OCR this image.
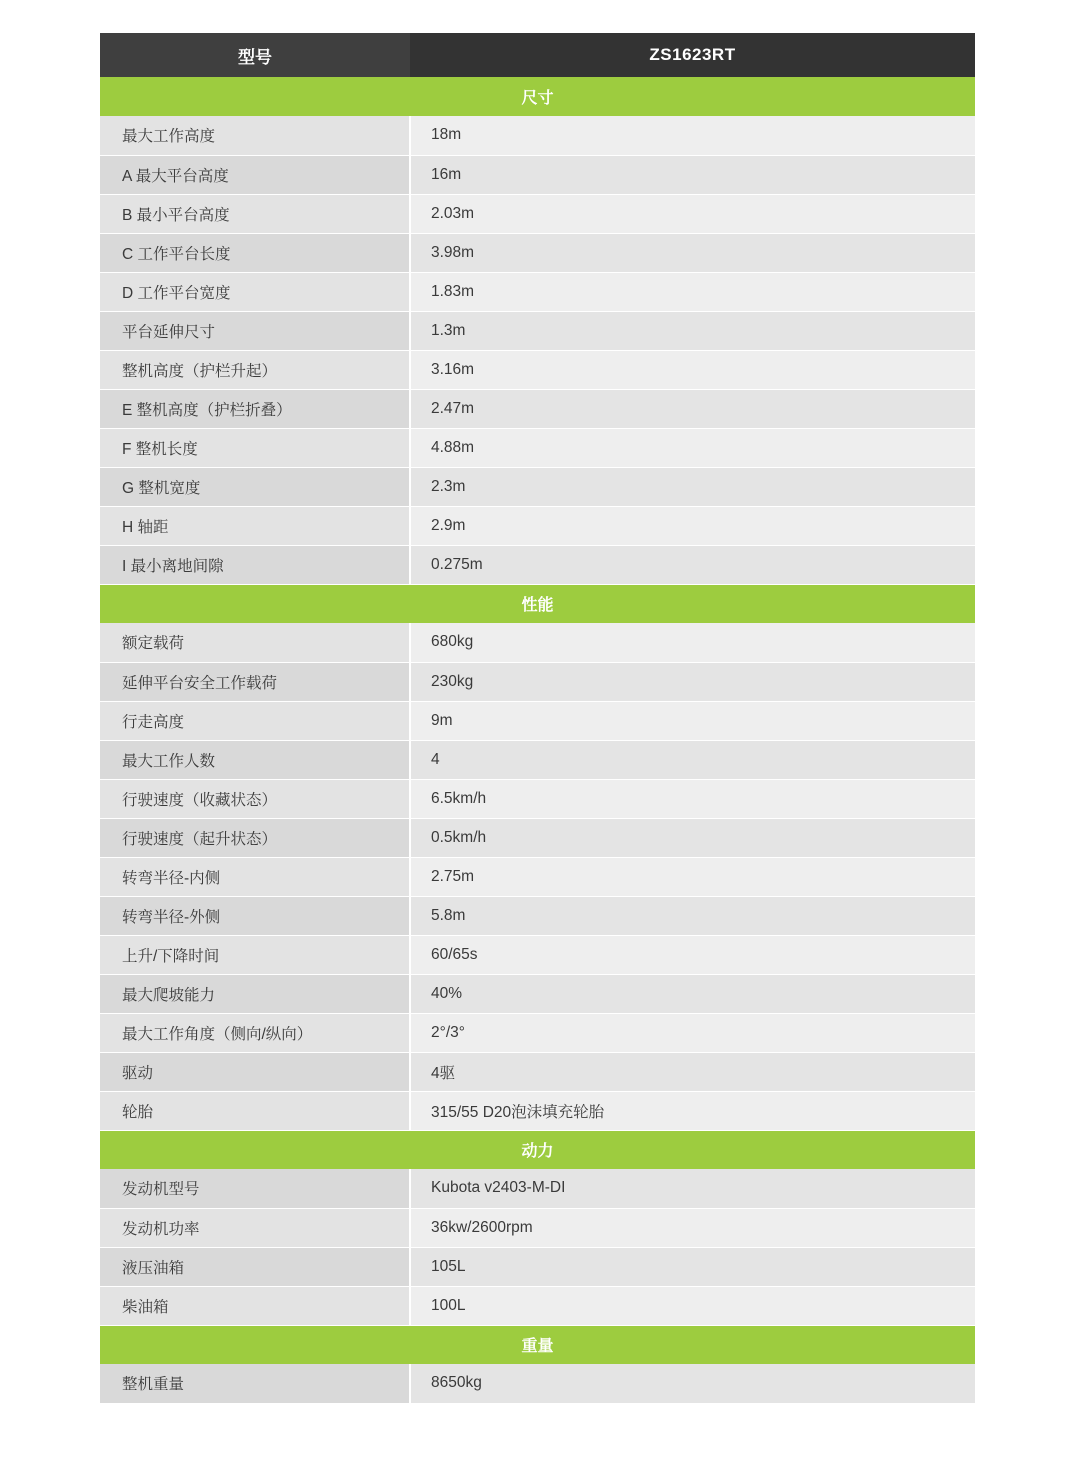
型号	ZS1623RT
尺寸	
最大工作高度	18m
A 最大平台高度	16m
B 最小平台高度	2.03m
C 工作平台长度	3.98m
D 工作平台宽度	1.83m
平台延伸尺寸	1.3m
整机高度（护栏升起）	3.16m
E 整机高度（护栏折叠）	2.47m
F 整机长度	4.88m
G 整机宽度	2.3m
H 轴距	2.9m
I 最小离地间隙	0.275m
性能	
额定载荷	680kg
延伸平台安全工作载荷	230kg
行走高度	9m
最大工作人数	4
行驶速度（收藏状态）	6.5km/h
行驶速度（起升状态）	0.5km/h
转弯半径-内侧	2.75m
转弯半径-外侧	5.8m
上升/下降时间	60/65s
最大爬坡能力	40%
最大工作角度（侧向/纵向）	2°/3°
驱动	4驱
轮胎	315/55 D20泡沫填充轮胎
动力	
发动机型号	Kubota v2403-M-DI
发动机功率	36kw/2600rpm
液压油箱	105L
柴油箱	100L
重量	
整机重量	8650kg
